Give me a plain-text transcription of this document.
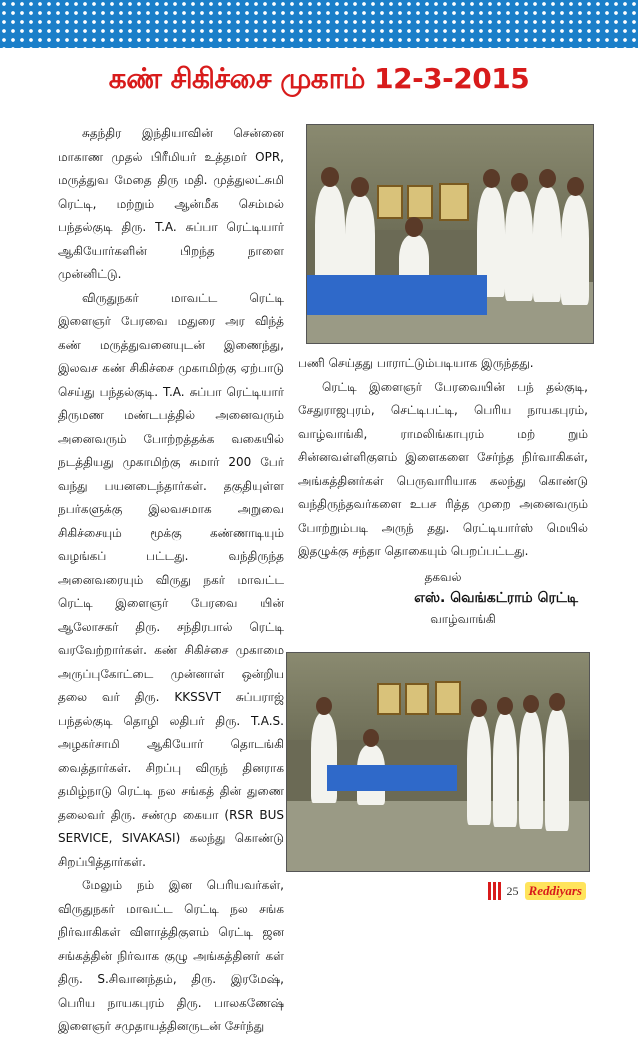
கண் சிகிச்சை முகாம் 12-3-2015

சுதந்திர இந்தியாவின் சென்னை மாகாண முதல் பிரீமியர் உத்தமர் OPR, மருத்துவ மேதை திரு மதி. முத்துலட்சுமி ரெட்டி, மற்றும் ஆன்மீக செம்மல் பந்தல்குடி திரு. T.A. சுப்பா ரெட்டியார் ஆகியோர்களின் பிறந்த நாளை முன்னிட்டு.

விருதுநகர் மாவட்ட ரெட்டி இளைஞர் பேரவை மதுரை அர விந்த் கண் மருத்துவனையுடன் இணைந்து, இலவச கண் சிகிச்சை முகாமிற்கு ஏற்பாடு செய்து பந்தல்குடி. T.A. சுப்பா ரெட்டியார் திருமண மண்டபத்தில் அனைவரும் அனைவரும் போற்றத்தக்க வகையில் நடத்தியது முகாமிற்கு சுமார் 200 பேர் வந்து பயனடைந்தார்கள். தகுதியுள்ள நபர்களுக்கு இலவசமாக அறுவை சிகிச்சையும் மூக்கு கண்ணாடியும் வழங்கப் பட்டது. வந்திருந்த அனைவரையும் விருது நகர் மாவட்ட ரெட்டி இளைஞர் பேரவை யின் ஆலோசகர் திரு. சந்திரபால் ரெட்டி வரவேற்றார்கள். கண் சிகிச்சை முகாமை அருப்புகோட்டை முன்னாள் ஒன்றிய தலை வர் திரு. KKSSVT சுப்பராஜ் பந்தல்குடி தொழி லதிபர் திரு. T.A.S. அழகர்சாமி ஆகியோர் தொடங்கி வைத்தார்கள். சிறப்பு விருந் தினராக தமிழ்நாடு ரெட்டி நல சங்கத் தின் துணை தலைவர் திரு. சண்மு கையா (RSR BUS SERVICE, SIVAKASI) கலந்து கொண்டு சிறப்பித்தார்கள்.

மேலும் நம் இன பெரியவர்கள், விருதுநகர் மாவட்ட ரெட்டி நல சங்க நிர்வாகிகள் விளாத்திகுளம் ரெட்டி ஜன சங்கத்தின் நிர்வாக குழு அங்கத்தினர் கள் திரு. S.சிவானந்தம், திரு. இரமேஷ், பெரிய நாயகபுரம் திரு. பாலகணேஷ் இளைஞர் சமுதாயத்தினருடன் சேர்ந்து

பணி செய்தது பாராட்டும்படியாக இருந்தது.

ரெட்டி இளைஞர் பேரவையின் பந் தல்குடி, சேதுராஜபுரம், செட்டிபட்டி, பெரிய நாயகபுரம், வாழ்வாங்கி, ராமலிங்காபுரம் மற் றும் சின்னவள்ளிகுளம் இளைகளை சேர்ந்த நிர்வாகிகள், அங்கத்தினர்கள் பெருவாரியாக கலந்து கொண்டு வந்திருந்தவர்களை உபச ரித்த முறை அனைவரும் போற்றும்படி அருந் தது. ரெட்டியார்ஸ் மெயில் இதழுக்கு சந்தா தொகையும் பெறப்பட்டது.

தகவல்
எஸ். வெங்கட்ராம் ரெட்டி
வாழ்வாங்கி
25 Reddiyars
